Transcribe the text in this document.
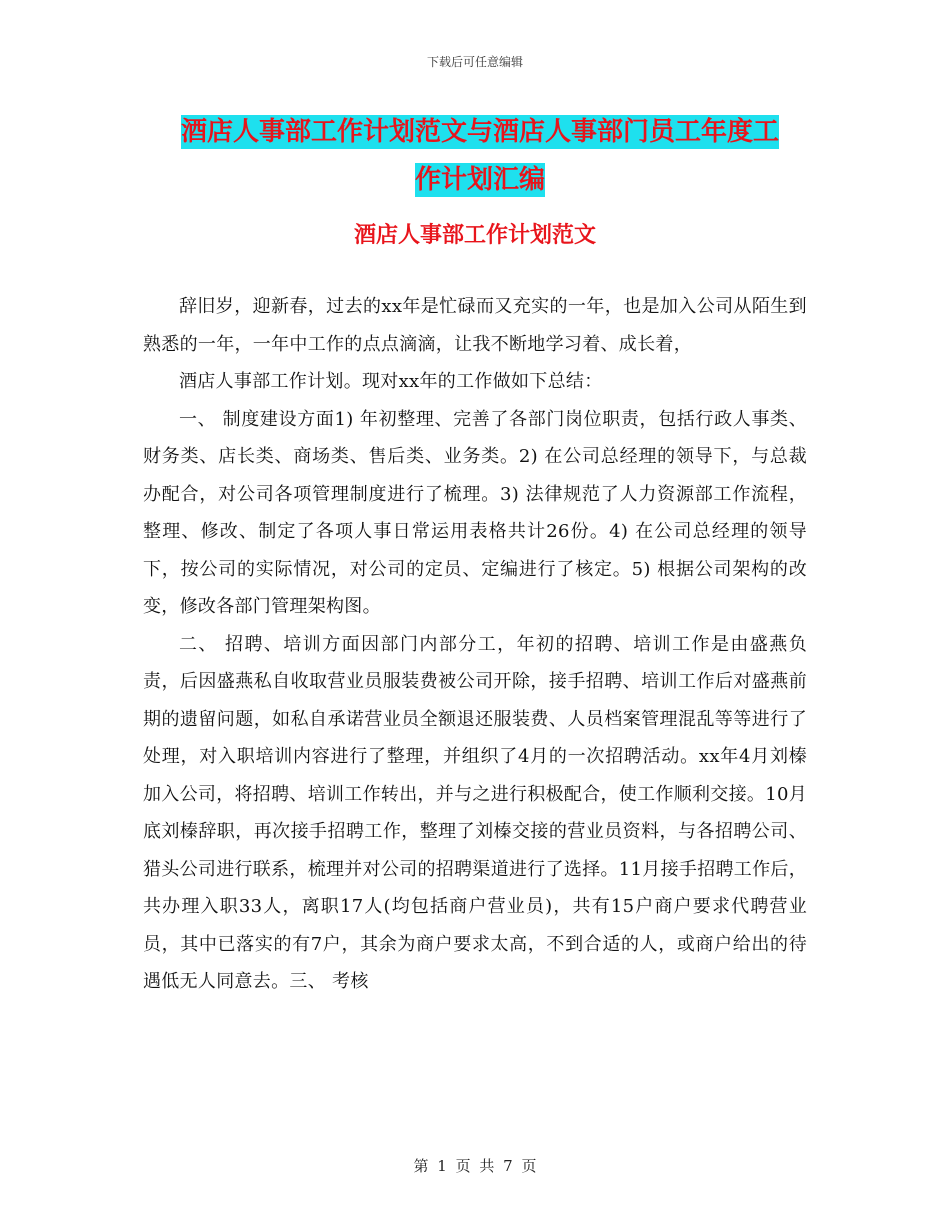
下载后可任意编辑
酒店人事部工作计划范文与酒店人事部门员工年度工
作计划汇编
酒店人事部工作计划范文

辞旧岁，迎新春，过去的xx年是忙碌而又充实的一年，也是加入公司从陌生到熟悉的一年，一年中工作的点点滴滴，让我不断地学习着、成长着，

酒店人事部工作计划。现对xx年的工作做如下总结：

一、 制度建设方面1) 年初整理、完善了各部门岗位职责，包括行政人事类、财务类、店长类、商场类、售后类、业务类。2) 在公司总经理的领导下，与总裁办配合，对公司各项管理制度进行了梳理。3) 法律规范了人力资源部工作流程，整理、修改、制定了各项人事日常运用表格共计26份。4) 在公司总经理的领导下，按公司的实际情况，对公司的定员、定编进行了核定。5) 根据公司架构的改变，修改各部门管理架构图。

二、 招聘、培训方面因部门内部分工，年初的招聘、培训工作是由盛燕负责，后因盛燕私自收取营业员服装费被公司开除，接手招聘、培训工作后对盛燕前期的遗留问题，如私自承诺营业员全额退还服装费、人员档案管理混乱等等进行了处理，对入职培训内容进行了整理，并组织了4月的一次招聘活动。xx年4月刘榛加入公司，将招聘、培训工作转出，并与之进行积极配合，使工作顺利交接。10月底刘榛辞职，再次接手招聘工作，整理了刘榛交接的营业员资料，与各招聘公司、猎头公司进行联系，梳理并对公司的招聘渠道进行了选择。11月接手招聘工作后，共办理入职33人，离职17人(均包括商户营业员)，共有15户商户要求代聘营业员，其中已落实的有7户，其余为商户要求太高，不到合适的人，或商户给出的待遇低无人同意去。三、 考核

第 1 页 共 7 页
